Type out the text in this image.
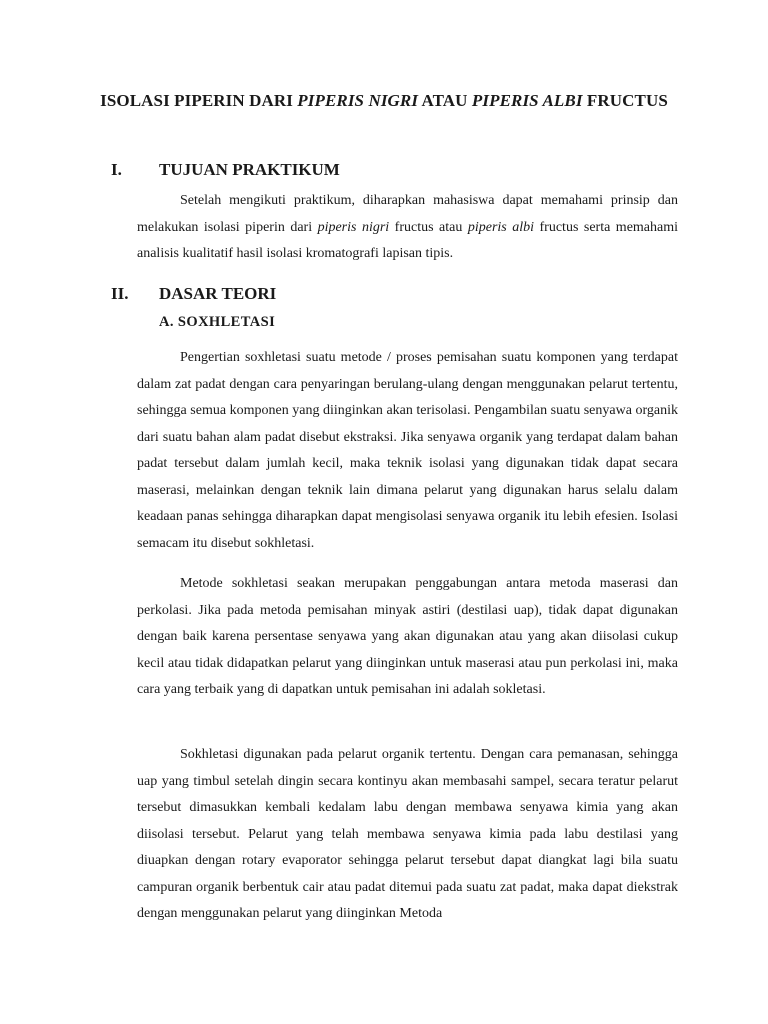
ISOLASI PIPERIN DARI PIPERIS NIGRI ATAU PIPERIS ALBI FRUCTUS
I. TUJUAN PRAKTIKUM

Setelah mengikuti praktikum, diharapkan mahasiswa dapat memahami prinsip dan melakukan isolasi piperin dari piperis nigri fructus atau piperis albi fructus serta memahami analisis kualitatif hasil isolasi kromatografi lapisan tipis.

II. DASAR TEORI
A. SOXHLETASI

Pengertian soxhletasi suatu metode / proses pemisahan suatu komponen yang terdapat dalam zat padat dengan cara penyaringan berulang-ulang dengan menggunakan pelarut tertentu, sehingga semua komponen yang diinginkan akan terisolasi. Pengambilan suatu senyawa organik dari suatu bahan alam padat disebut ekstraksi. Jika senyawa organik yang terdapat dalam bahan padat tersebut dalam jumlah kecil, maka teknik isolasi yang digunakan tidak dapat secara maserasi, melainkan dengan teknik lain dimana pelarut yang digunakan harus selalu dalam keadaan panas sehingga diharapkan dapat mengisolasi senyawa organik itu lebih efesien. Isolasi semacam itu disebut sokhletasi.

Metode sokhletasi seakan merupakan penggabungan antara metoda maserasi dan perkolasi. Jika pada metoda pemisahan minyak astiri (destilasi uap), tidak dapat digunakan dengan baik karena persentase senyawa yang akan digunakan atau yang akan diisolasi cukup kecil atau tidak didapatkan pelarut yang diinginkan untuk maserasi atau pun perkolasi ini, maka cara yang terbaik yang di dapatkan untuk pemisahan ini adalah sokletasi.

Sokhletasi digunakan pada pelarut organik tertentu. Dengan cara pemanasan, sehingga uap yang timbul setelah dingin secara kontinyu akan membasahi sampel, secara teratur pelarut tersebut dimasukkan kembali kedalam labu dengan membawa senyawa kimia yang akan diisolasi tersebut. Pelarut yang telah membawa senyawa kimia pada labu destilasi yang diuapkan dengan rotary evaporator sehingga pelarut tersebut dapat diangkat lagi bila suatu campuran organik berbentuk cair atau padat ditemui pada suatu zat padat, maka dapat diekstrak dengan menggunakan pelarut yang diinginkan Metoda
